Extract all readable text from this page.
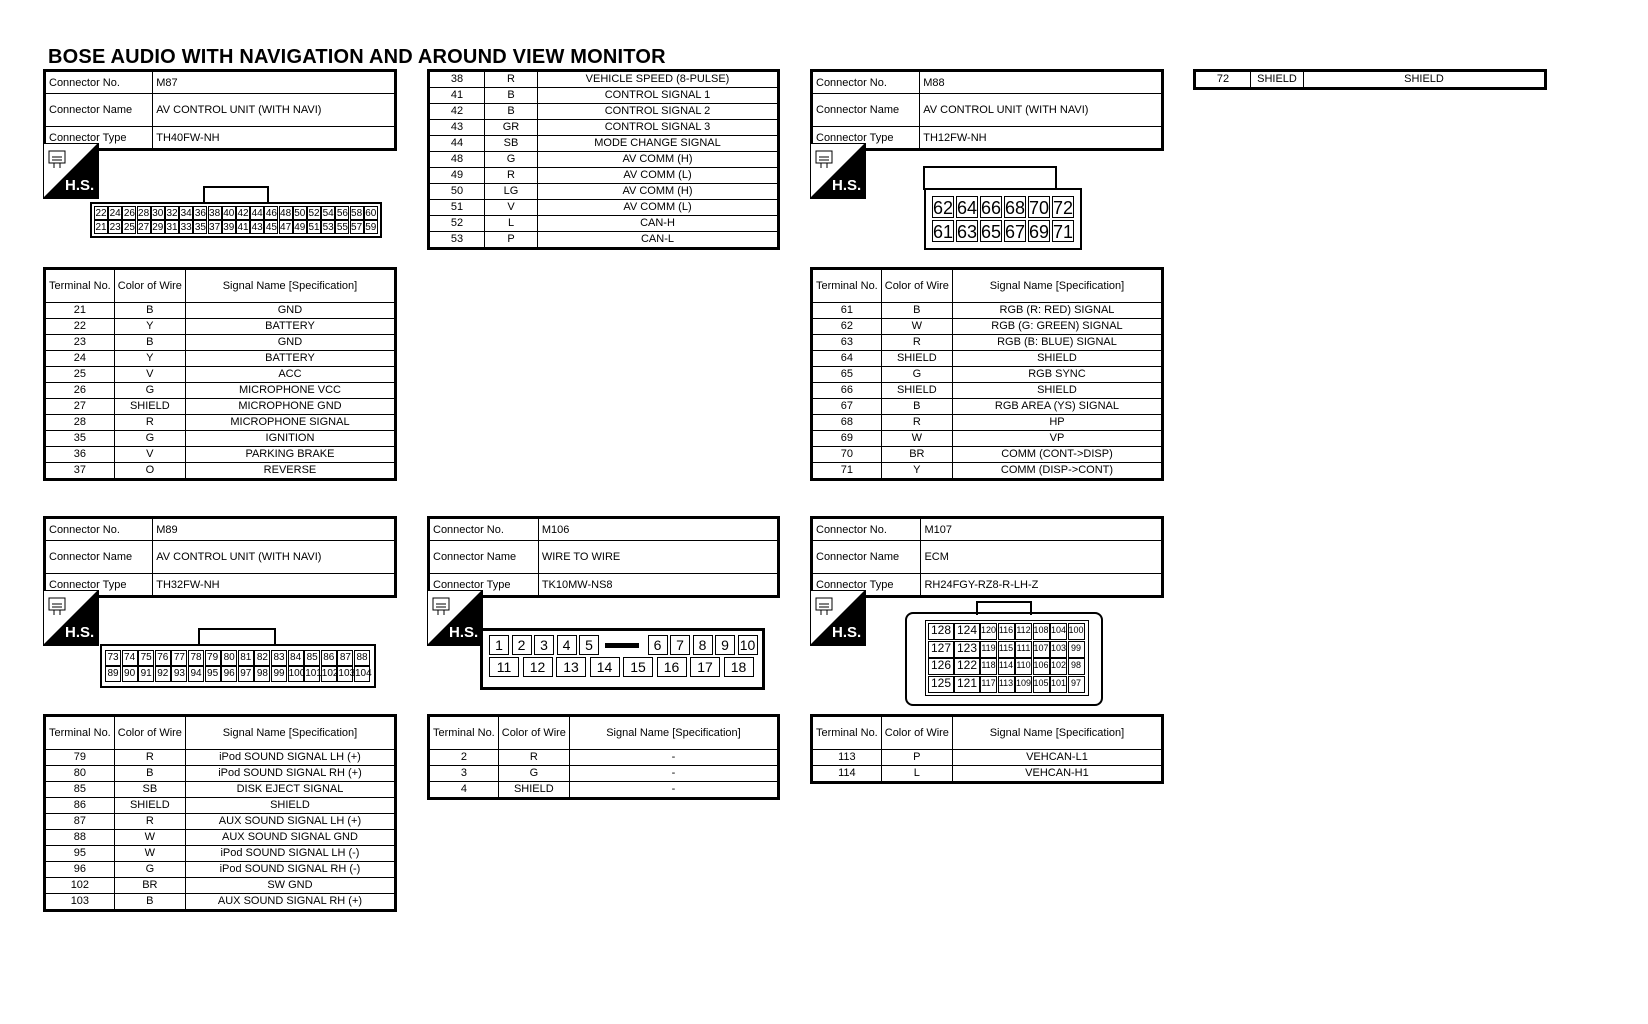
BOSE AUDIO WITH NAVIGATION AND AROUND VIEW MONITOR
Connector No.	M87
Connector Name	AV CONTROL UNIT (WITH NAVI)
Connector Type	TH40FW-NH
H.S.
22 24 26 28 30 32 34 36 38 40 42 44 46 48 50 52 54 56 58 60
21 23 25 27 29 31 33 35 37 39 41 43 45 47 49 51 53 55 57 59
Terminal No.	Color of Wire	Signal Name [Specification]
21	B	GND
22	Y	BATTERY
23	B	GND
24	Y	BATTERY
25	V	ACC
26	G	MICROPHONE VCC
27	SHIELD	MICROPHONE GND
28	R	MICROPHONE SIGNAL
35	G	IGNITION
36	V	PARKING BRAKE
37	O	REVERSE
38	R	VEHICLE SPEED (8-PULSE)
41	B	CONTROL SIGNAL 1
42	B	CONTROL SIGNAL 2
43	GR	CONTROL SIGNAL 3
44	SB	MODE CHANGE SIGNAL
48	G	AV COMM (H)
49	R	AV COMM (L)
50	LG	AV COMM (H)
51	V	AV COMM (L)
52	L	CAN-H
53	P	CAN-L
Connector No.	M88
Connector Name	AV CONTROL UNIT (WITH NAVI)
Connector Type	TH12FW-NH
H.S.
62 64 66 68 70 72
61 63 65 67 69 71
Terminal No.	Color of Wire	Signal Name [Specification]
61	B	RGB (R: RED) SIGNAL
62	W	RGB (G: GREEN) SIGNAL
63	R	RGB (B: BLUE) SIGNAL
64	SHIELD	SHIELD
65	G	RGB SYNC
66	SHIELD	SHIELD
67	B	RGB AREA (YS) SIGNAL
68	R	HP
69	W	VP
70	BR	COMM (CONT->DISP)
71	Y	COMM (DISP->CONT)
72	SHIELD	SHIELD
Connector No.	M89
Connector Name	AV CONTROL UNIT (WITH NAVI)
Connector Type	TH32FW-NH
H.S.
73 74 75 76 77 78 79 80 81 82 83 84 85 86 87 88
89 90 91 92 93 94 95 96 97 98 99 100 101 102 103 104
Terminal No.	Color of Wire	Signal Name [Specification]
79	R	iPod SOUND SIGNAL LH (+)
80	B	iPod SOUND SIGNAL RH (+)
85	SB	DISK EJECT SIGNAL
86	SHIELD	SHIELD
87	R	AUX SOUND SIGNAL LH (+)
88	W	AUX SOUND SIGNAL GND
95	W	iPod SOUND SIGNAL LH (-)
96	G	iPod SOUND SIGNAL RH (-)
102	BR	SW GND
103	B	AUX SOUND SIGNAL RH (+)
Connector No.	M106
Connector Name	WIRE TO WIRE
Connector Type	TK10MW-NS8
H.S.
1	2	3	4	5	6	7	8	9 10
11	12	13	14	15	16	17	18
Terminal No.	Color of Wire	Signal Name [Specification]
2	R	-
3	G	-
4	SHIELD	-
Connector No.	M107
Connector Name	ECM
Connector Type	RH24FGY-RZ8-R-LH-Z
H.S.	128 124 120 116 112 108 104 100
127 123 119 115 111 107 103 99
126 122 118 114 110 106 102 98
125 121 117 113 109 105 101 97
Terminal No.	Color of Wire	Signal Name [Specification]
113	P	VEHCAN-L1
114	L	VEHCAN-H1
